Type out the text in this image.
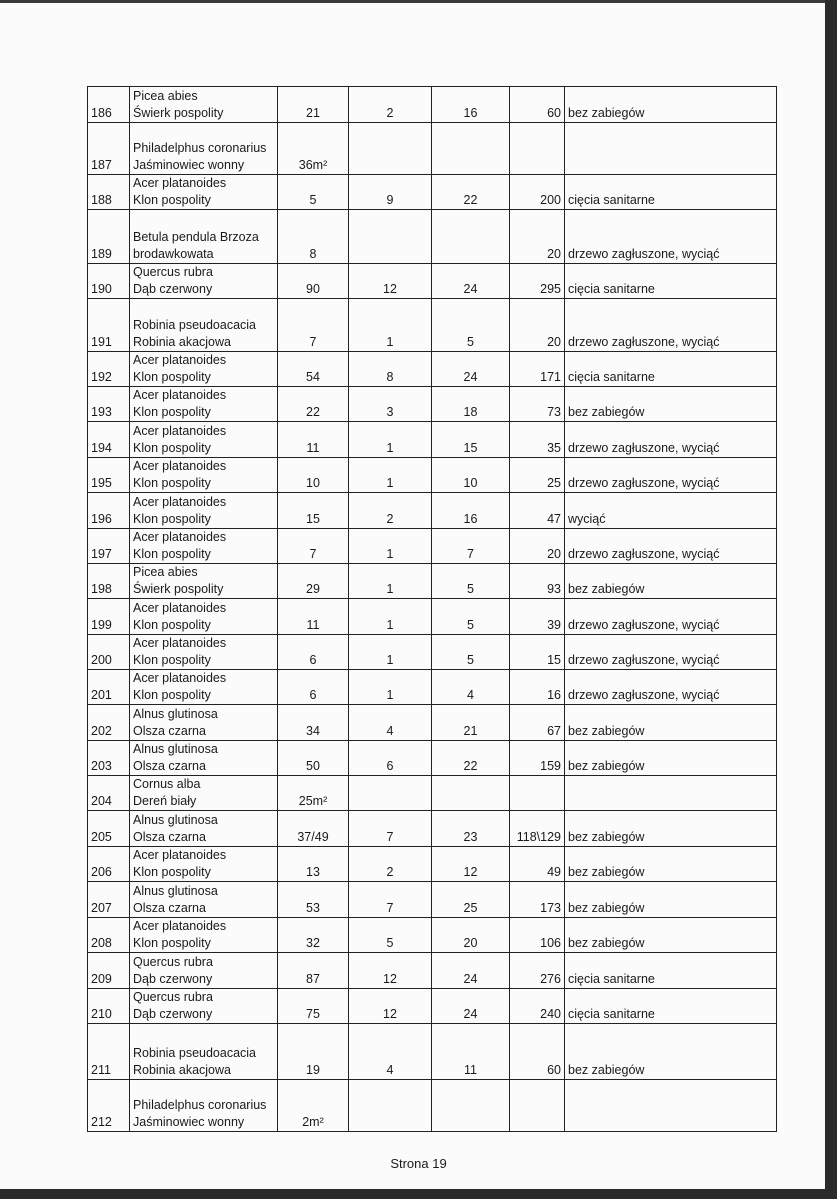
186	Picea abies
Świerk pospolity	21	2	16	60	bez zabiegów
187	Philadelphus coronarius
Jaśminowiec wonny	36m²				
188	Acer platanoides
Klon pospolity	5	9	22	200	cięcia sanitarne
189	Betula pendula Brzoza
brodawkowata	8			20	drzewo zagłuszone, wyciąć
190	Quercus rubra
Dąb czerwony	90	12	24	295	cięcia sanitarne
191	Robinia pseudoacacia
Robinia akacjowa	7	1	5	20	drzewo zagłuszone, wyciąć
192	Acer platanoides
Klon pospolity	54	8	24	171	cięcia sanitarne
193	Acer platanoides
Klon pospolity	22	3	18	73	bez zabiegów
194	Acer platanoides
Klon pospolity	11	1	15	35	drzewo zagłuszone, wyciąć
195	Acer platanoides
Klon pospolity	10	1	10	25	drzewo zagłuszone, wyciąć
196	Acer platanoides
Klon pospolity	15	2	16	47	wyciąć
197	Acer platanoides
Klon pospolity	7	1	7	20	drzewo zagłuszone, wyciąć
198	Picea abies
Świerk pospolity	29	1	5	93	bez zabiegów
199	Acer platanoides
Klon pospolity	11	1	5	39	drzewo zagłuszone, wyciąć
200	Acer platanoides
Klon pospolity	6	1	5	15	drzewo zagłuszone, wyciąć
201	Acer platanoides
Klon pospolity	6	1	4	16	drzewo zagłuszone, wyciąć
202	Alnus glutinosa
Olsza czarna	34	4	21	67	bez zabiegów
203	Alnus glutinosa
Olsza czarna	50	6	22	159	bez zabiegów
204	Cornus alba
Dereń biały	25m²				
205	Alnus glutinosa
Olsza czarna	37/49	7	23	118\129	bez zabiegów
206	Acer platanoides
Klon pospolity	13	2	12	49	bez zabiegów
207	Alnus glutinosa
Olsza czarna	53	7	25	173	bez zabiegów
208	Acer platanoides
Klon pospolity	32	5	20	106	bez zabiegów
209	Quercus rubra
Dąb czerwony	87	12	24	276	cięcia sanitarne
210	Quercus rubra
Dąb czerwony	75	12	24	240	cięcia sanitarne
211	Robinia pseudoacacia
Robinia akacjowa	19	4	11	60	bez zabiegów
212	Philadelphus coronarius
Jaśminowiec wonny	2m²				
Strona 19
